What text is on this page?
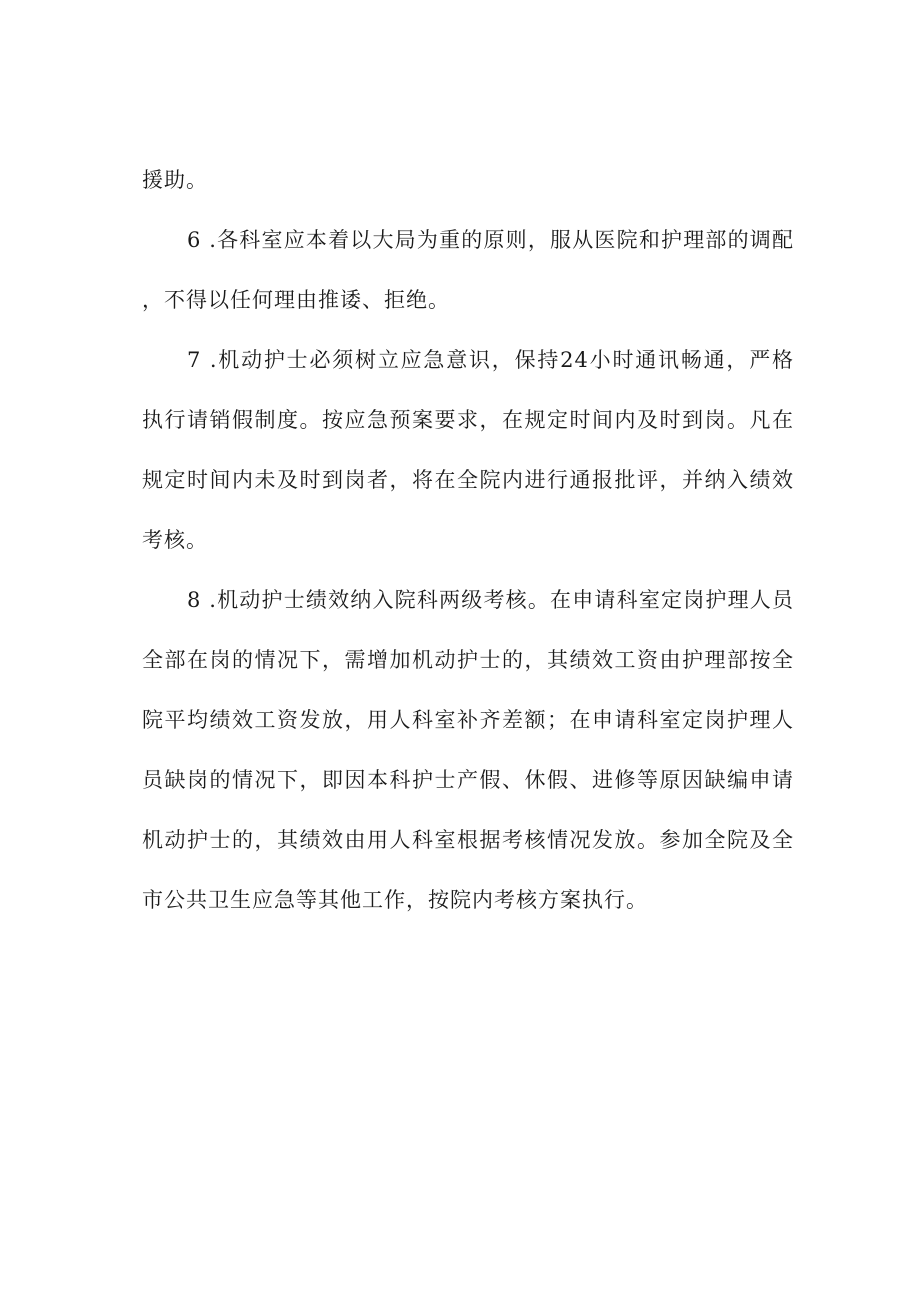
援助。

6 .各科室应本着以大局为重的原则，服从医院和护理部的调配，不得以任何理由推诿、拒绝。

7 .机动护士必须树立应急意识，保持24小时通讯畅通，严格执行请销假制度。按应急预案要求，在规定时间内及时到岗。凡在规定时间内未及时到岗者，将在全院内进行通报批评，并纳入绩效考核。

8 .机动护士绩效纳入院科两级考核。在申请科室定岗护理人员全部在岗的情况下，需增加机动护士的，其绩效工资由护理部按全院平均绩效工资发放，用人科室补齐差额；在申请科室定岗护理人员缺岗的情况下，即因本科护士产假、休假、进修等原因缺编申请机动护士的，其绩效由用人科室根据考核情况发放。参加全院及全市公共卫生应急等其他工作，按院内考核方案执行。
